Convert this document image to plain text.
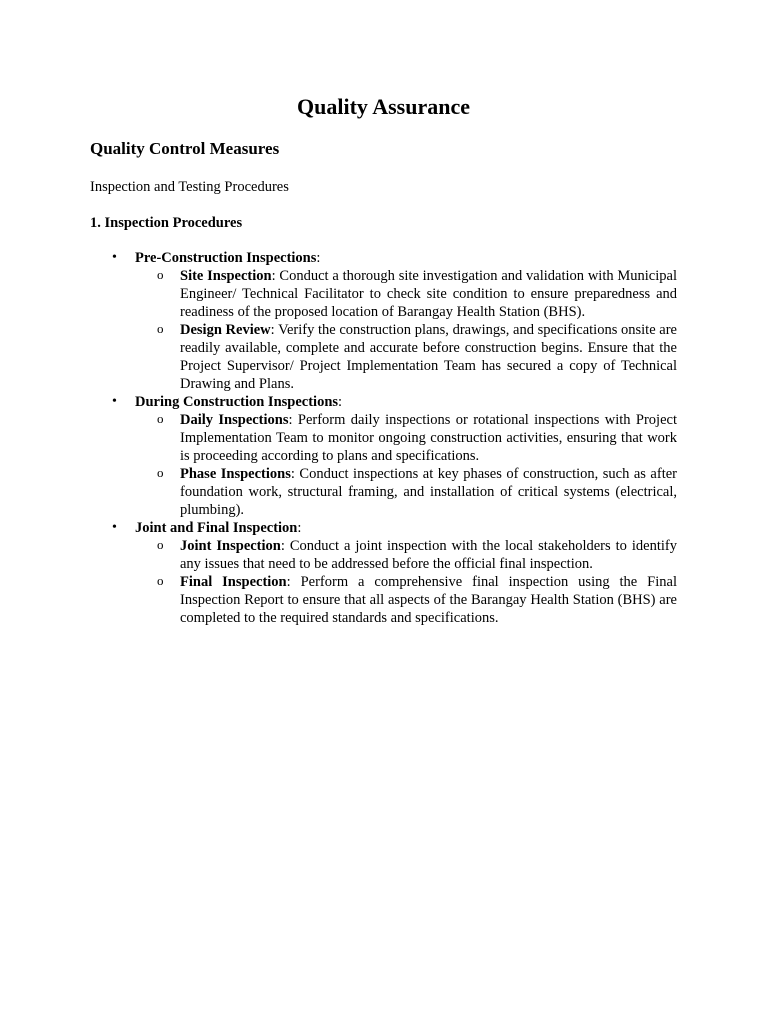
Quality Assurance
Quality Control Measures

Inspection and Testing Procedures

1. Inspection Procedures

• Pre-Construction Inspections:
o Site Inspection: Conduct a thorough site investigation and validation with Municipal Engineer/ Technical Facilitator to check site condition to ensure preparedness and readiness of the proposed location of Barangay Health Station (BHS).
o Design Review: Verify the construction plans, drawings, and specifications onsite are readily available, complete and accurate before construction begins. Ensure that the Project Supervisor/ Project Implementation Team has secured a copy of Technical Drawing and Plans.
• During Construction Inspections:
o Daily Inspections: Perform daily inspections or rotational inspections with Project Implementation Team to monitor ongoing construction activities, ensuring that work is proceeding according to plans and specifications.
o Phase Inspections: Conduct inspections at key phases of construction, such as after foundation work, structural framing, and installation of critical systems (electrical, plumbing).
• Joint and Final Inspection:
o Joint Inspection: Conduct a joint inspection with the local stakeholders to identify any issues that need to be addressed before the official final inspection.
o Final Inspection: Perform a comprehensive final inspection using the Final Inspection Report to ensure that all aspects of the Barangay Health Station (BHS) are completed to the required standards and specifications.
